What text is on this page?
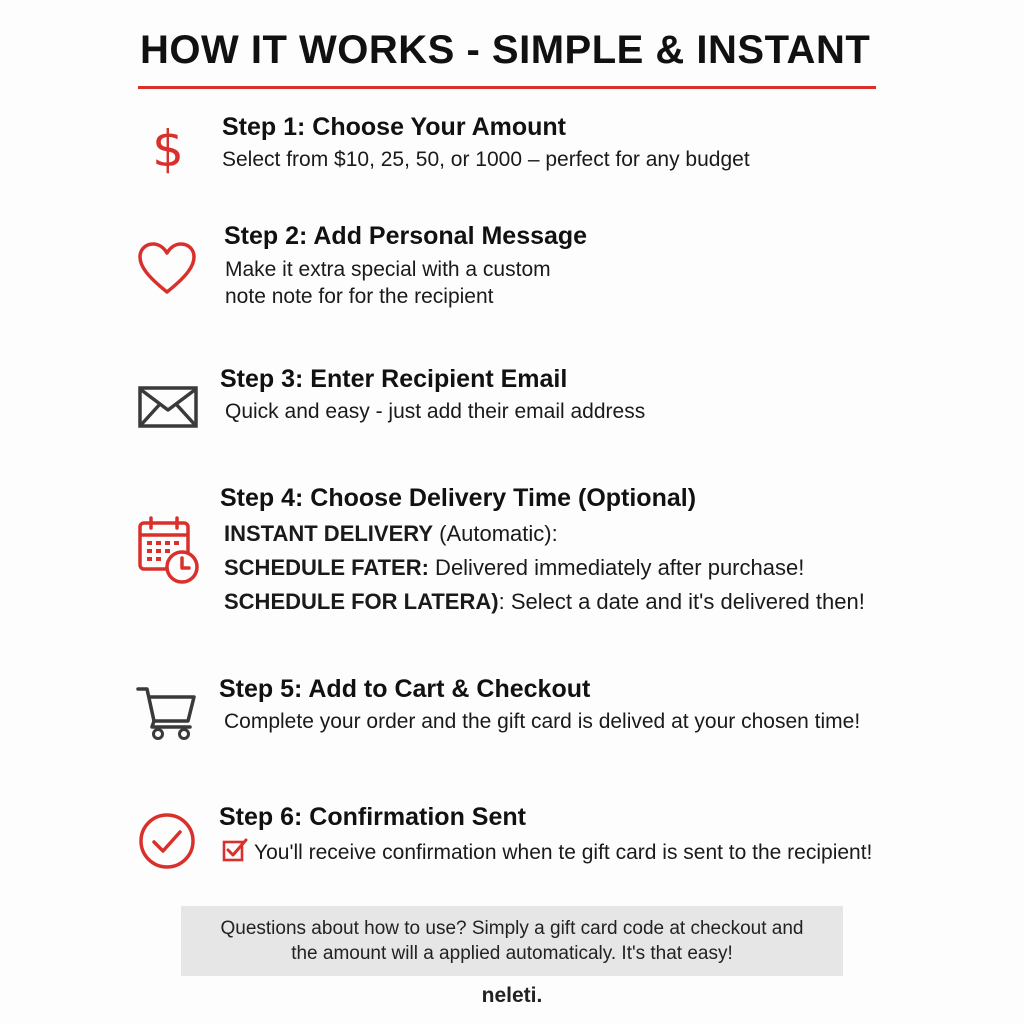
HOW IT WORKS - SIMPLE & INSTANT
$ Step 1: Choose Your Amount
Select from $10, 25, 50, or 1000 – perfect for any budget
Step 2: Add Personal Message
Make it extra special with a custom
note note for for the recipient
Step 3: Enter Recipient Email
Quick and easy - just add their email address
Step 4: Choose Delivery Time (Optional)
INSTANT DELIVERY (Automatic):
SCHEDULE FATER: Delivered immediately after purchase!
SCHEDULE FOR LATERA): Select a date and it's delivered then!
Step 5: Add to Cart & Checkout
Complete your order and the gift card is delived at your chosen time!
Step 6: Confirmation Sent
You'll receive confirmation when te gift card is sent to the recipient!
Questions about how to use? Simply a gift card code at checkout and
the amount will a applied automaticaly. It's that easy!
neleti.
